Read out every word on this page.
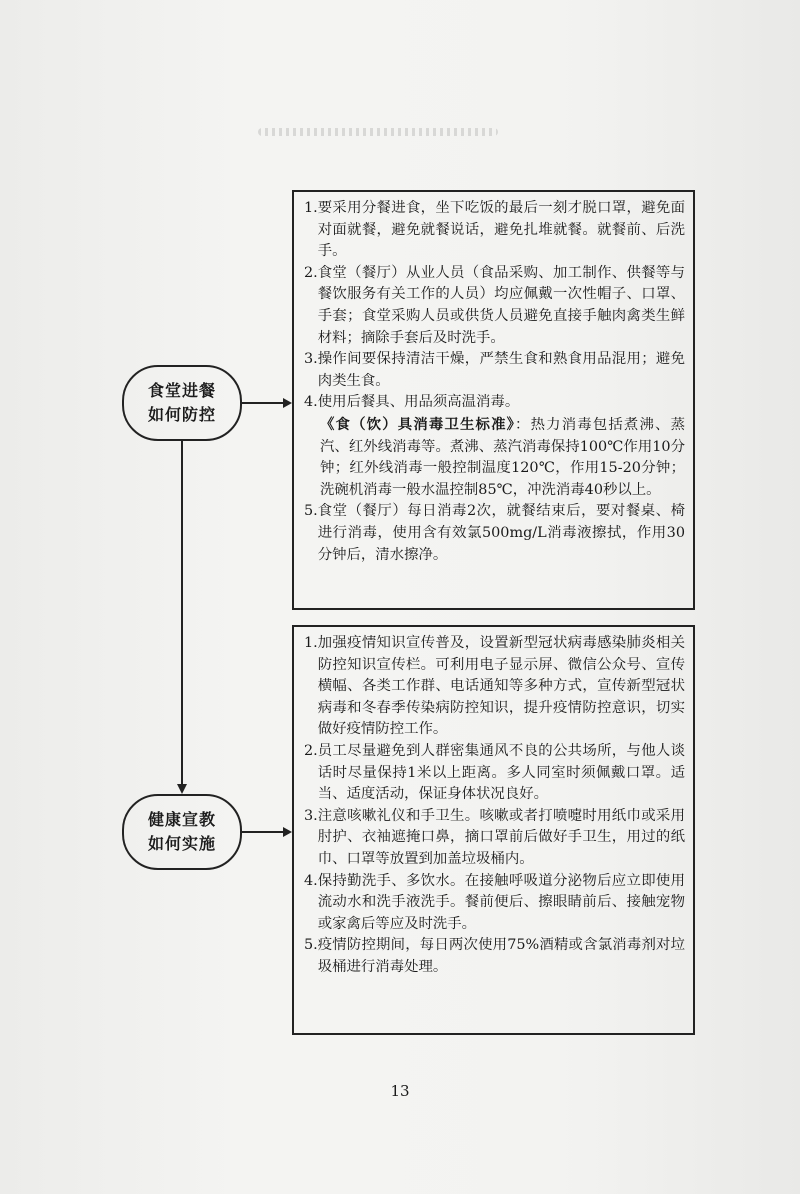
食堂进餐
如何防控
健康宣教
如何实施
1. 要采用分餐进食，坐下吃饭的最后一刻才脱口罩，避免面对面就餐，避免就餐说话，避免扎堆就餐。就餐前、后洗手。
2. 食堂（餐厅）从业人员（食品采购、加工制作、供餐等与餐饮服务有关工作的人员）均应佩戴一次性帽子、口罩、手套；食堂采购人员或供货人员避免直接手触肉禽类生鲜材料；摘除手套后及时洗手。
3. 操作间要保持清洁干燥，严禁生食和熟食用品混用；避免肉类生食。
4. 使用后餐具、用品须高温消毒。
《食（饮）具消毒卫生标准》：热力消毒包括煮沸、蒸汽、红外线消毒等。煮沸、蒸汽消毒保持100℃作用10分钟；红外线消毒一般控制温度120℃，作用15-20分钟；洗碗机消毒一般水温控制85℃，冲洗消毒40秒以上。
5. 食堂（餐厅）每日消毒2次，就餐结束后，要对餐桌、椅进行消毒，使用含有效氯500mg/L消毒液擦拭，作用30分钟后，清水擦净。
1. 加强疫情知识宣传普及，设置新型冠状病毒感染肺炎相关防控知识宣传栏。可利用电子显示屏、微信公众号、宣传横幅、各类工作群、电话通知等多种方式，宣传新型冠状病毒和冬春季传染病防控知识，提升疫情防控意识，切实做好疫情防控工作。
2. 员工尽量避免到人群密集通风不良的公共场所，与他人谈话时尽量保持1米以上距离。多人同室时须佩戴口罩。适当、适度活动，保证身体状况良好。
3. 注意咳嗽礼仪和手卫生。咳嗽或者打喷嚏时用纸巾或采用肘护、衣袖遮掩口鼻，摘口罩前后做好手卫生，用过的纸巾、口罩等放置到加盖垃圾桶内。
4. 保持勤洗手、多饮水。在接触呼吸道分泌物后应立即使用流动水和洗手液洗手。餐前便后、擦眼睛前后、接触宠物或家禽后等应及时洗手。
5. 疫情防控期间，每日两次使用75%酒精或含氯消毒剂对垃圾桶进行消毒处理。
13
